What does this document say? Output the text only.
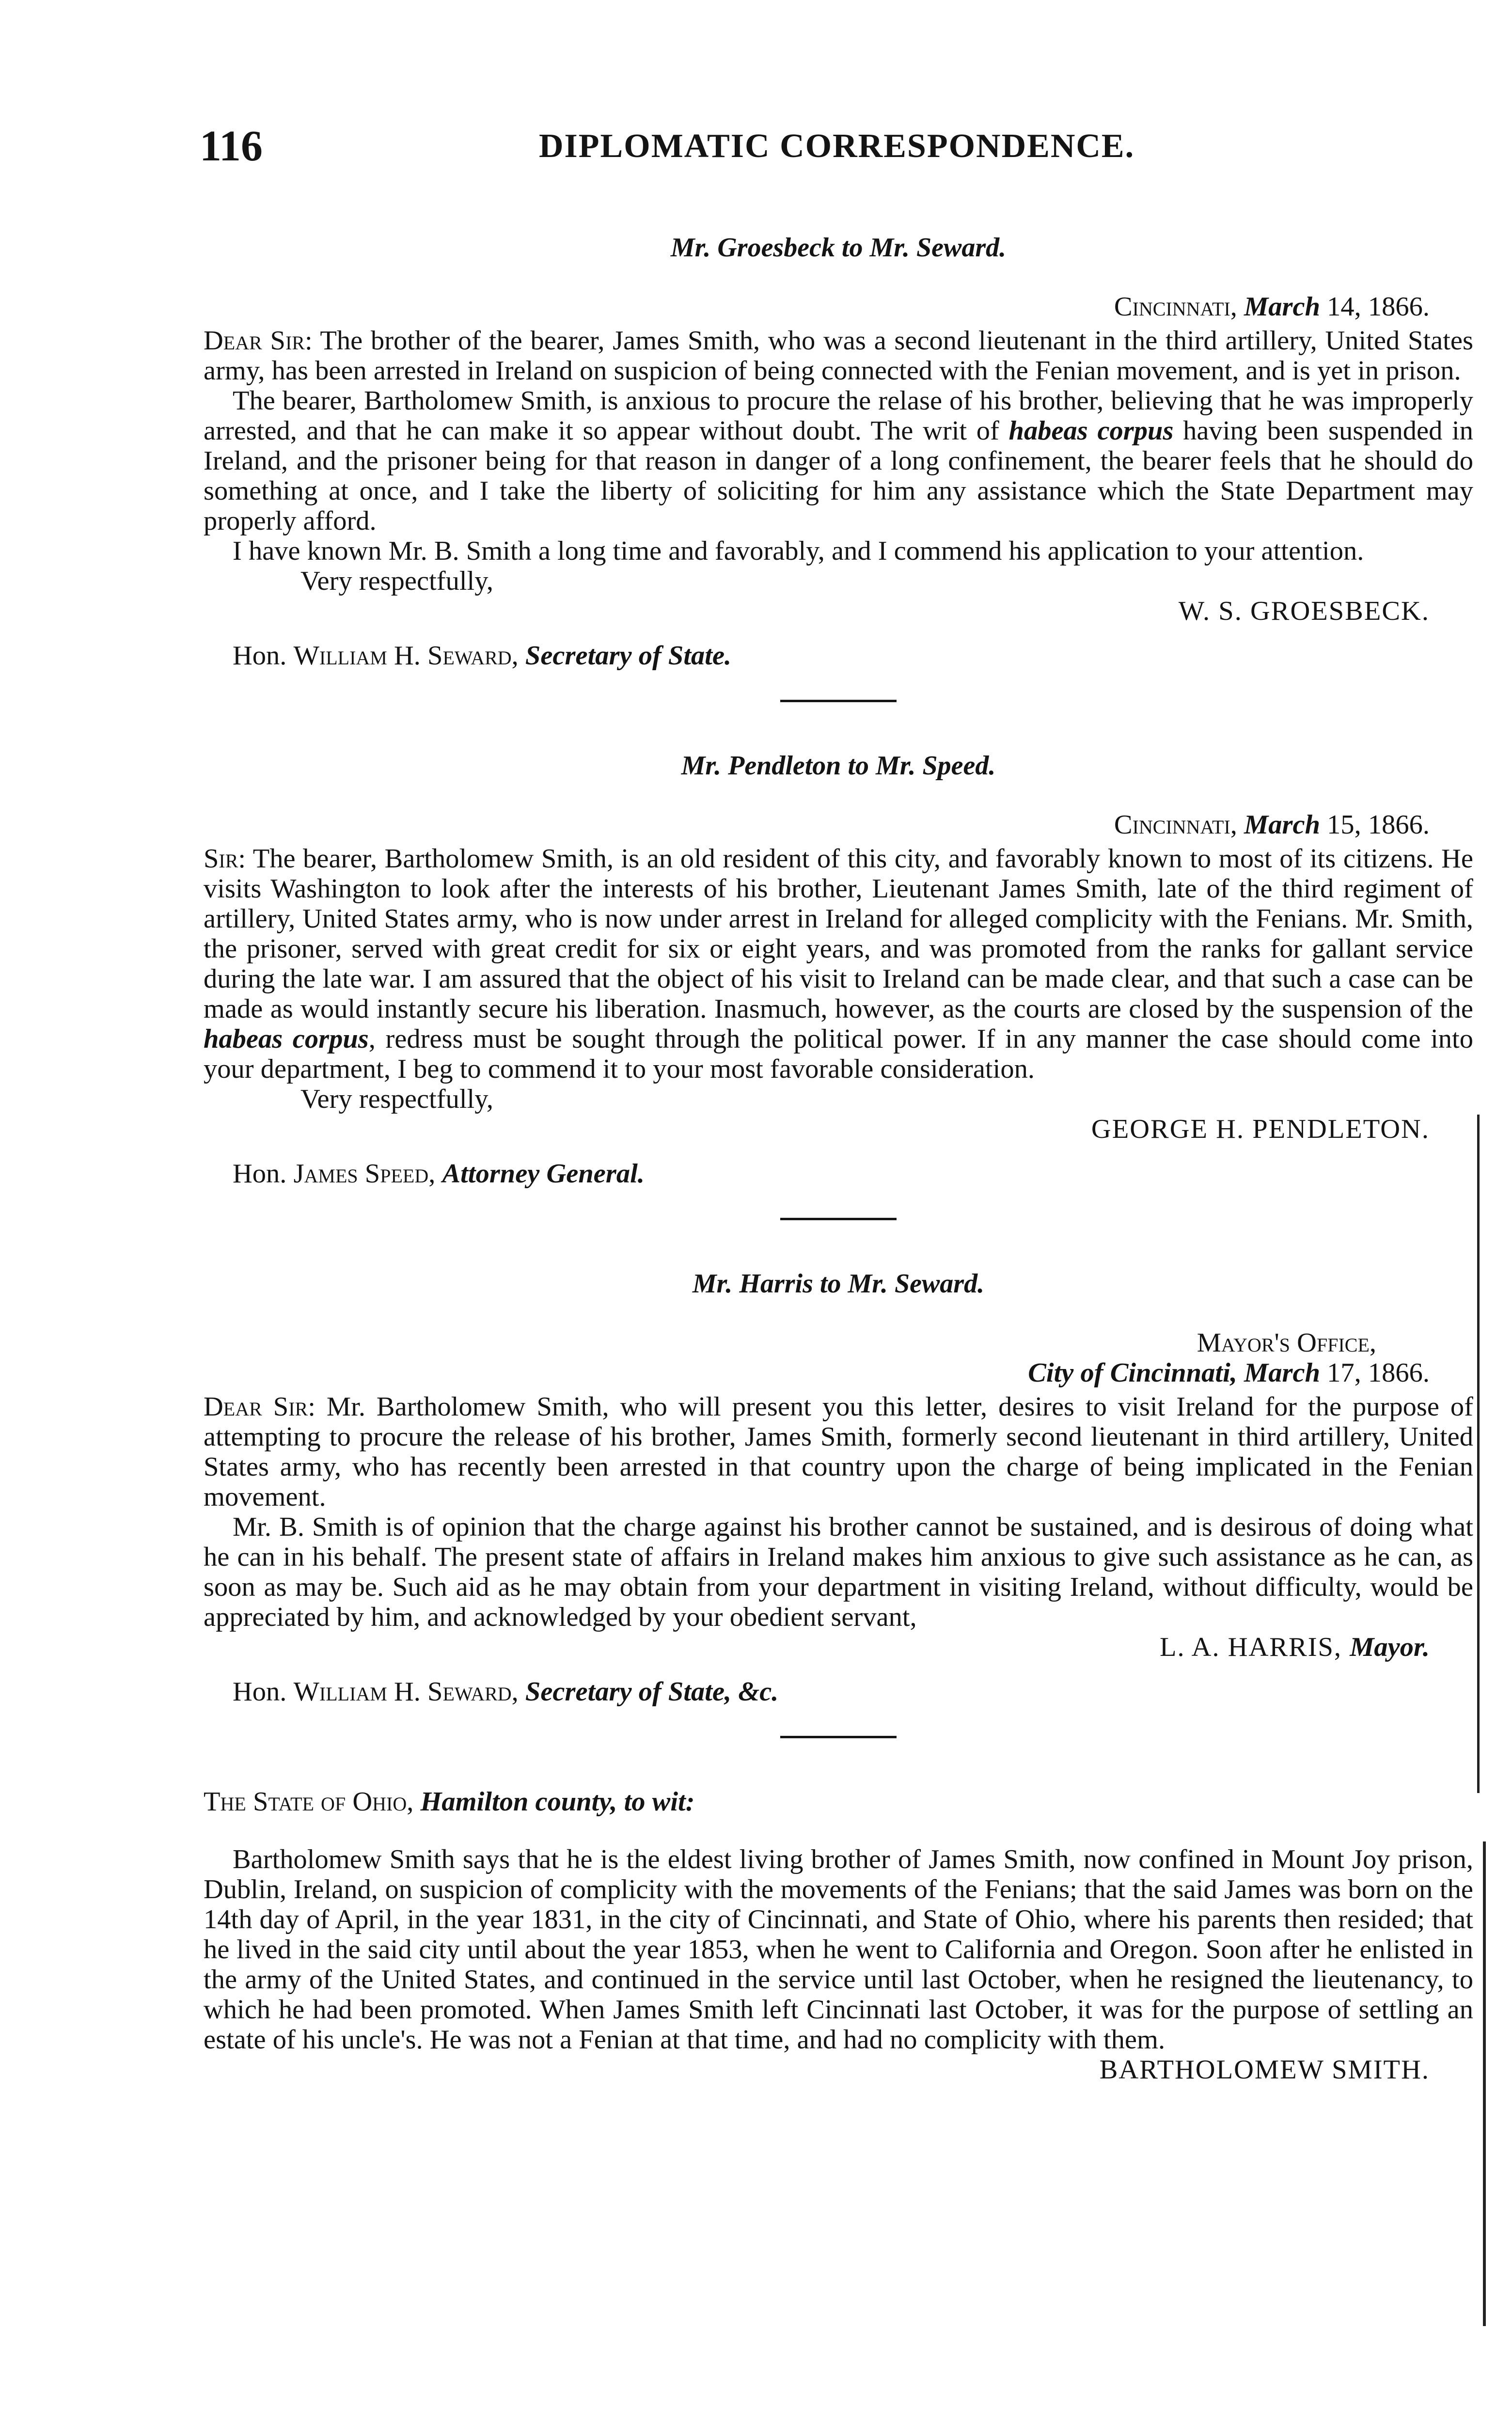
116	DIPLOMATIC CORRESPONDENCE.

Mr. Groesbeck to Mr. Seward.

Cincinnati, March 14, 1866.

Dear Sir: The brother of the bearer, James Smith, who was a second lieutenant in the third artillery, United States army, has been arrested in Ireland on suspicion of being connected with the Fenian movement, and is yet in prison.

The bearer, Bartholomew Smith, is anxious to procure the relase of his brother, believing that he was improperly arrested, and that he can make it so appear without doubt. The writ of habeas corpus having been suspended in Ireland, and the prisoner being for that reason in danger of a long confinement, the bearer feels that he should do something at once, and I take the liberty of soliciting for him any assistance which the State Department may properly afford.

I have known Mr. B. Smith a long time and favorably, and I commend his application to your attention.

Very respectfully,

W. S. GROESBECK.

Hon. William H. Seward, Secretary of State.

Mr. Pendleton to Mr. Speed.

Cincinnati, March 15, 1866.

Sir: The bearer, Bartholomew Smith, is an old resident of this city, and favorably known to most of its citizens. He visits Washington to look after the interests of his brother, Lieutenant James Smith, late of the third regiment of artillery, United States army, who is now under arrest in Ireland for alleged complicity with the Fenians. Mr. Smith, the prisoner, served with great credit for six or eight years, and was promoted from the ranks for gallant service during the late war. I am assured that the object of his visit to Ireland can be made clear, and that such a case can be made as would instantly secure his liberation. Inasmuch, however, as the courts are closed by the suspension of the habeas corpus, redress must be sought through the political power. If in any manner the case should come into your department, I beg to commend it to your most favorable consideration.

Very respectfully,

GEORGE H. PENDLETON.

Hon. James Speed, Attorney General.

Mr. Harris to Mr. Seward.

Mayor's Office,

City of Cincinnati, March 17, 1866.

Dear Sir: Mr. Bartholomew Smith, who will present you this letter, desires to visit Ireland for the purpose of attempting to procure the release of his brother, James Smith, formerly second lieutenant in third artillery, United States army, who has recently been arrested in that country upon the charge of being implicated in the Fenian movement.

Mr. B. Smith is of opinion that the charge against his brother cannot be sustained, and is desirous of doing what he can in his behalf. The present state of affairs in Ireland makes him anxious to give such assistance as he can, as soon as may be. Such aid as he may obtain from your department in visiting Ireland, without difficulty, would be appreciated by him, and acknowledged by your obedient servant,

L. A. HARRIS, Mayor.

Hon. William H. Seward, Secretary of State, &c.

The State of Ohio, Hamilton county, to wit:

Bartholomew Smith says that he is the eldest living brother of James Smith, now confined in Mount Joy prison, Dublin, Ireland, on suspicion of complicity with the movements of the Fenians; that the said James was born on the 14th day of April, in the year 1831, in the city of Cincinnati, and State of Ohio, where his parents then resided; that he lived in the said city until about the year 1853, when he went to California and Oregon. Soon after he enlisted in the army of the United States, and continued in the service until last October, when he resigned the lieutenancy, to which he had been promoted. When James Smith left Cincinnati last October, it was for the purpose of settling an estate of his uncle's. He was not a Fenian at that time, and had no complicity with them.

BARTHOLOMEW SMITH.
